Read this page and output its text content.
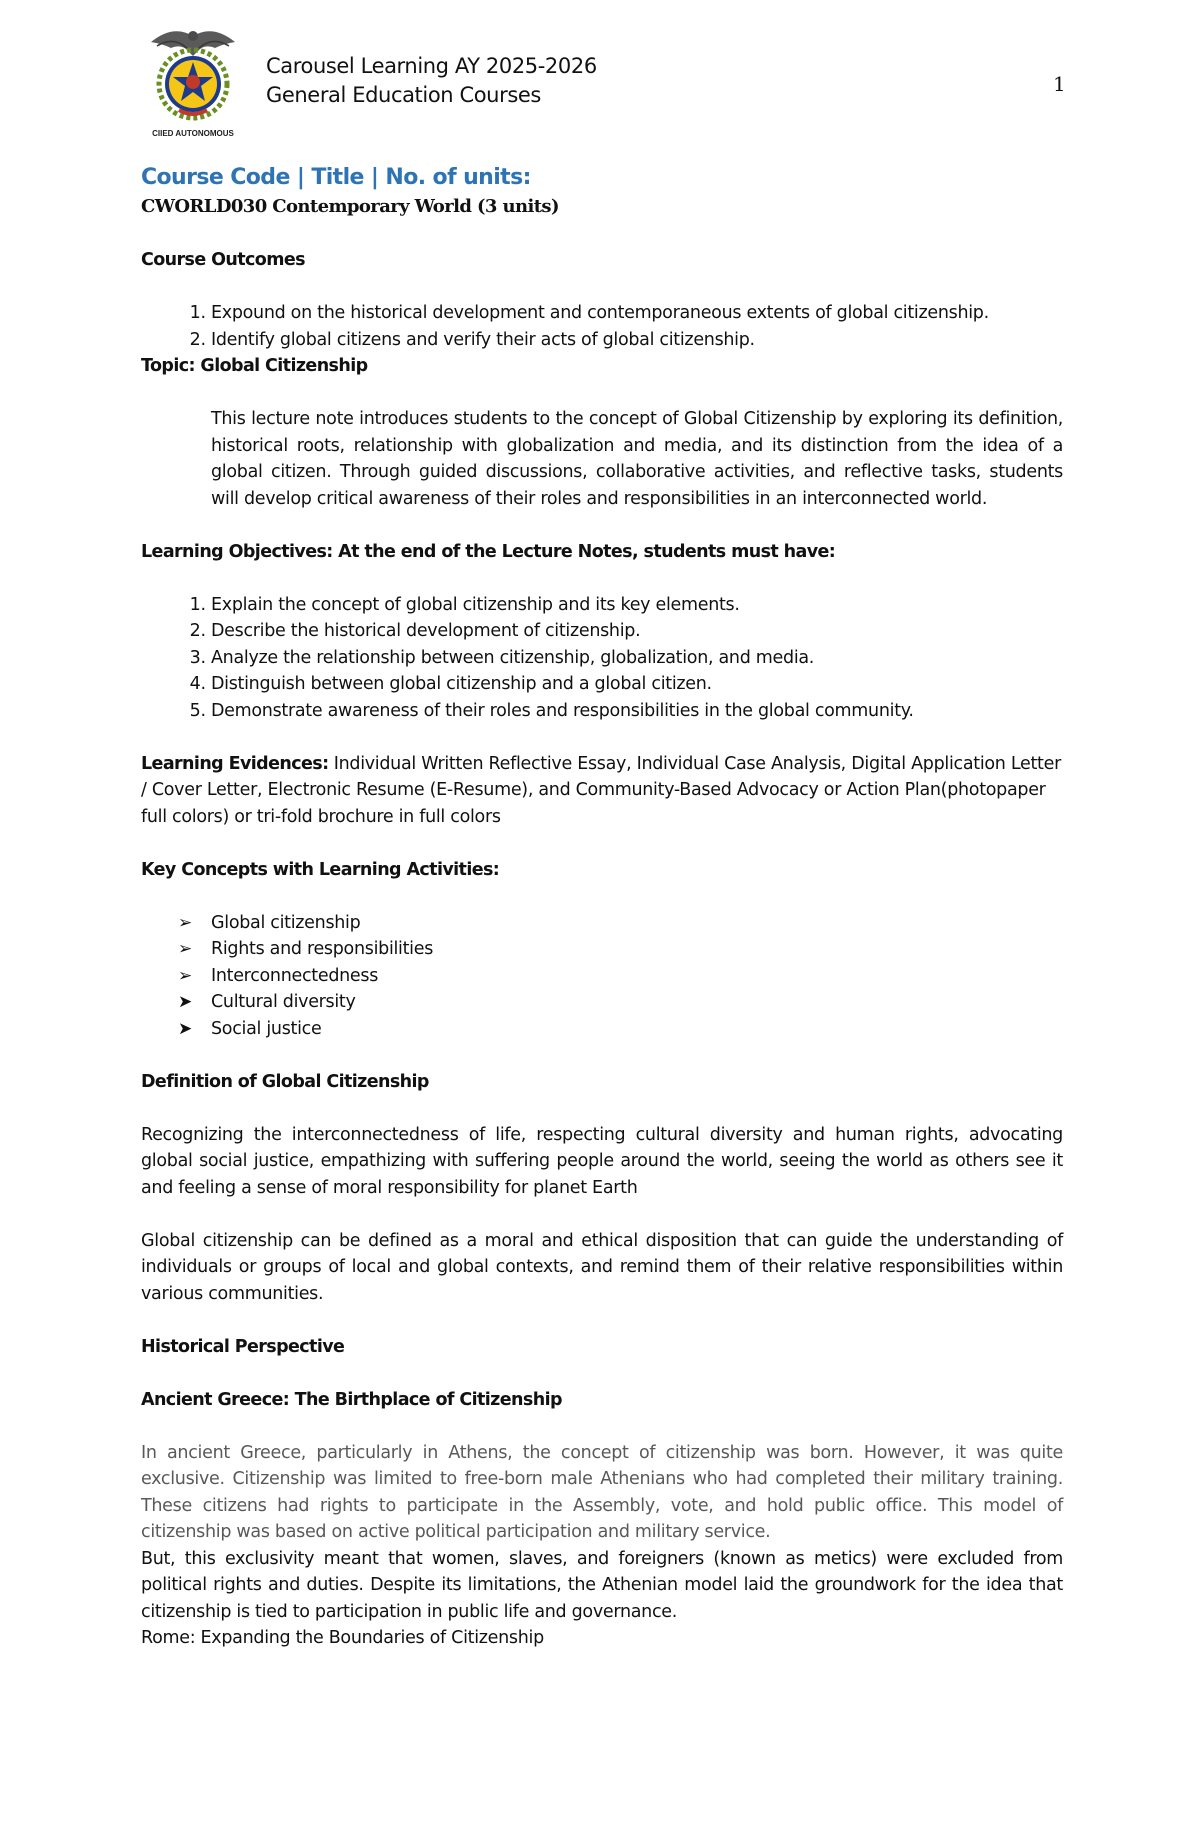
CIIED AUTONOMOUS
Carousel Learning AY 2025-2026
General Education Courses	1

Course Code | Title | No. of units:

CWORLD030 Contemporary World (3 units)

Course Outcomes

1. Expound on the historical development and contemporaneous extents of global citizenship.
2. Identify global citizens and verify their acts of global citizenship.

Topic: Global Citizenship

This lecture note introduces students to the concept of Global Citizenship by exploring its definition, historical roots, relationship with globalization and media, and its distinction from the idea of a global citizen. Through guided discussions, collaborative activities, and reflective tasks, students will develop critical awareness of their roles and responsibilities in an interconnected world.

Learning Objectives: At the end of the Lecture Notes, students must have:

1. Explain the concept of global citizenship and its key elements.
2. Describe the historical development of citizenship.
3. Analyze the relationship between citizenship, globalization, and media.
4. Distinguish between global citizenship and a global citizen.
5. Demonstrate awareness of their roles and responsibilities in the global community.

Learning Evidences: Individual Written Reflective Essay, Individual Case Analysis, Digital Application Letter / Cover Letter, Electronic Resume (E-Resume), and Community-Based Advocacy or Action Plan(photopaper full colors) or tri-fold brochure in full colors

Key Concepts with Learning Activities:

➢ Global citizenship
➢ Rights and responsibilities
➢ Interconnectedness
➤ Cultural diversity
➤ Social justice

Definition of Global Citizenship

Recognizing the interconnectedness of life, respecting cultural diversity and human rights, advocating global social justice, empathizing with suffering people around the world, seeing the world as others see it and feeling a sense of moral responsibility for planet Earth

Global citizenship can be defined as a moral and ethical disposition that can guide the understanding of individuals or groups of local and global contexts, and remind them of their relative responsibilities within various communities.

Historical Perspective

Ancient Greece: The Birthplace of Citizenship

In ancient Greece, particularly in Athens, the concept of citizenship was born. However, it was quite exclusive. Citizenship was limited to free-born male Athenians who had completed their military training. These citizens had rights to participate in the Assembly, vote, and hold public office. This model of citizenship was based on active political participation and military service.

But, this exclusivity meant that women, slaves, and foreigners (known as metics) were excluded from political rights and duties. Despite its limitations, the Athenian model laid the groundwork for the idea that citizenship is tied to participation in public life and governance.

Rome: Expanding the Boundaries of Citizenship
